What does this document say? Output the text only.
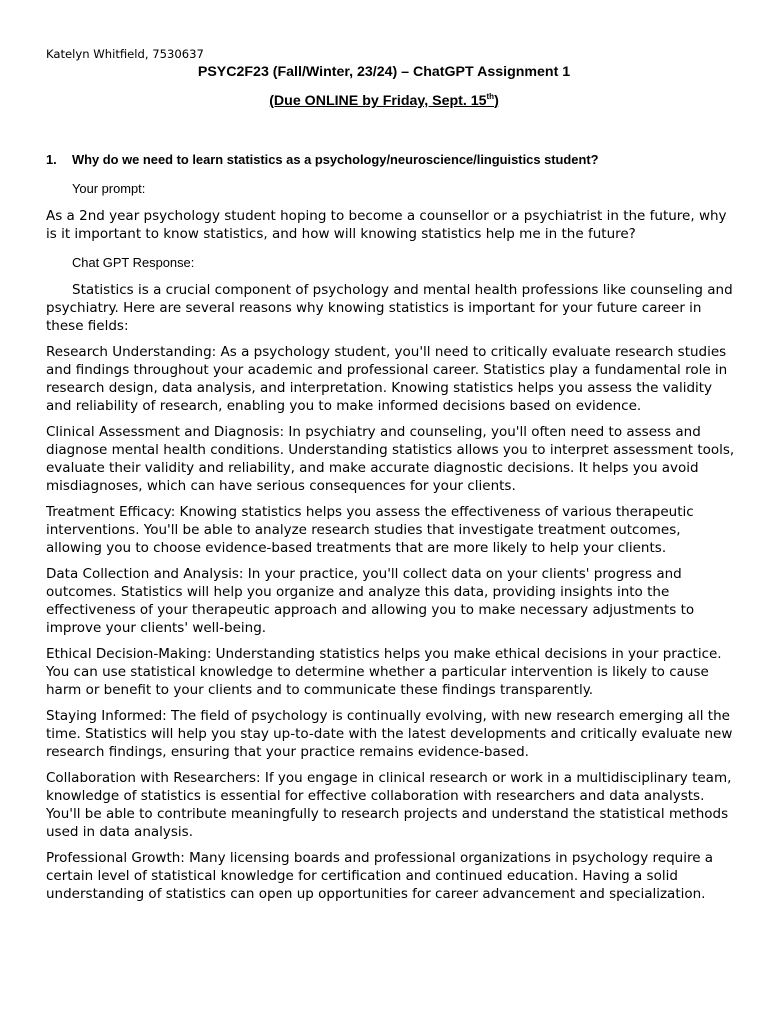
Katelyn Whitfield, 7530637
PSYC2F23 (Fall/Winter, 23/24) – ChatGPT Assignment 1
(Due ONLINE by Friday, Sept. 15th)
1. Why do we need to learn statistics as a psychology/neuroscience/linguistics student?
Your prompt:

As a 2nd year psychology student hoping to become a counsellor or a psychiatrist in the future, why is it important to know statistics, and how will knowing statistics help me in the future?

Chat GPT Response:

Statistics is a crucial component of psychology and mental health professions like counseling and psychiatry. Here are several reasons why knowing statistics is important for your future career in these fields:

Research Understanding: As a psychology student, you'll need to critically evaluate research studies and findings throughout your academic and professional career. Statistics play a fundamental role in research design, data analysis, and interpretation. Knowing statistics helps you assess the validity and reliability of research, enabling you to make informed decisions based on evidence.

Clinical Assessment and Diagnosis: In psychiatry and counseling, you'll often need to assess and diagnose mental health conditions. Understanding statistics allows you to interpret assessment tools, evaluate their validity and reliability, and make accurate diagnostic decisions. It helps you avoid misdiagnoses, which can have serious consequences for your clients.

Treatment Efficacy: Knowing statistics helps you assess the effectiveness of various therapeutic interventions. You'll be able to analyze research studies that investigate treatment outcomes, allowing you to choose evidence-based treatments that are more likely to help your clients.

Data Collection and Analysis: In your practice, you'll collect data on your clients' progress and outcomes. Statistics will help you organize and analyze this data, providing insights into the effectiveness of your therapeutic approach and allowing you to make necessary adjustments to improve your clients' well-being.

Ethical Decision-Making: Understanding statistics helps you make ethical decisions in your practice. You can use statistical knowledge to determine whether a particular intervention is likely to cause harm or benefit to your clients and to communicate these findings transparently.

Staying Informed: The field of psychology is continually evolving, with new research emerging all the time. Statistics will help you stay up-to-date with the latest developments and critically evaluate new research findings, ensuring that your practice remains evidence-based.

Collaboration with Researchers: If you engage in clinical research or work in a multidisciplinary team, knowledge of statistics is essential for effective collaboration with researchers and data analysts. You'll be able to contribute meaningfully to research projects and understand the statistical methods used in data analysis.

Professional Growth: Many licensing boards and professional organizations in psychology require a certain level of statistical knowledge for certification and continued education. Having a solid understanding of statistics can open up opportunities for career advancement and specialization.
